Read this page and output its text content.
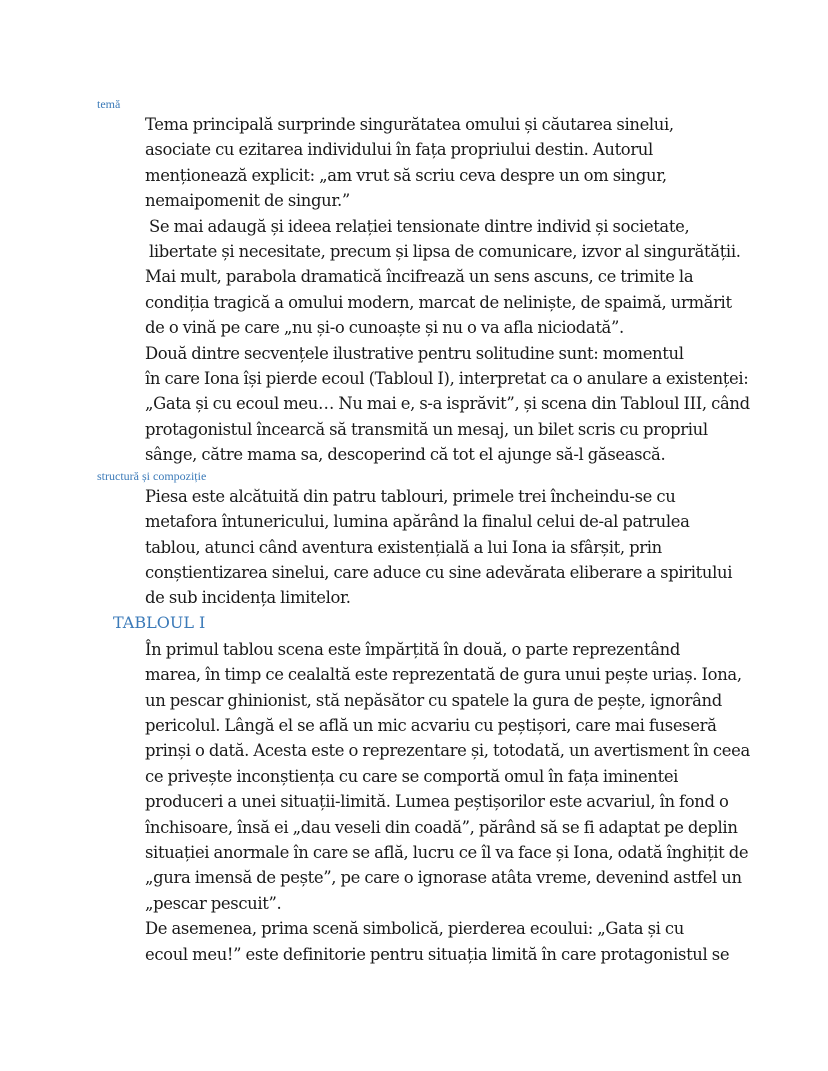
temă

Tema principală surprinde singurătatea omului și căutarea sinelui,
asociate cu ezitarea individului în fața propriului destin. Autorul
menționează explicit: „am vrut să scriu ceva despre un om singur,
nemaipomenit de singur.”

Se mai adaugă și ideea relației tensionate dintre individ și societate,
libertate și necesitate, precum și lipsa de comunicare, izvor al singurătății.

Mai mult, parabola dramatică încifrează un sens ascuns, ce trimite la
condiția tragică a omului modern, marcat de neliniște, de spaimă, urmărit
de o vină pe care „nu și-o cunoaște și nu o va afla niciodată”.

Două dintre secvențele ilustrative pentru solitudine sunt: momentul
în care Iona își pierde ecoul (Tabloul I), interpretat ca o anulare a existenței:
„Gata și cu ecoul meu… Nu mai e, s-a isprăvit”, și scena din Tabloul III, când
protagonistul încearcă să transmită un mesaj, un bilet scris cu propriul
sânge, către mama sa, descoperind că tot el ajunge să-l găsească.

structură și compoziție

Piesa este alcătuită din patru tablouri, primele trei încheindu-se cu
metafora întunericului, lumina apărând la finalul celui de-al patrulea
tablou, atunci când aventura existențială a lui Iona ia sfârșit, prin
conștientizarea sinelui, care aduce cu sine adevărata eliberare a spiritului
de sub incidența limitelor.

TABLOUL I

În primul tablou scena este împărțită în două, o parte reprezentând
marea, în timp ce cealaltă este reprezentată de gura unui pește uriaș. Iona,
un pescar ghinionist, stă nepăsător cu spatele la gura de pește, ignorând
pericolul. Lângă el se află un mic acvariu cu peștișori, care mai fuseseră
prinși o dată. Acesta este o reprezentare și, totodată, un avertisment în ceea
ce privește inconștiența cu care se comportă omul în fața iminentei
produceri a unei situații-limită. Lumea peștișorilor este acvariul, în fond o
închisoare, însă ei „dau veseli din coadă”, părând să se fi adaptat pe deplin
situației anormale în care se află, lucru ce îl va face și Iona, odată înghițit de
„gura imensă de pește”, pe care o ignorase atâta vreme, devenind astfel un
„pescar pescuit”.

De asemenea, prima scenă simbolică, pierderea ecoului: „Gata și cu
ecoul meu!” este definitorie pentru situația limită în care protagonistul se
